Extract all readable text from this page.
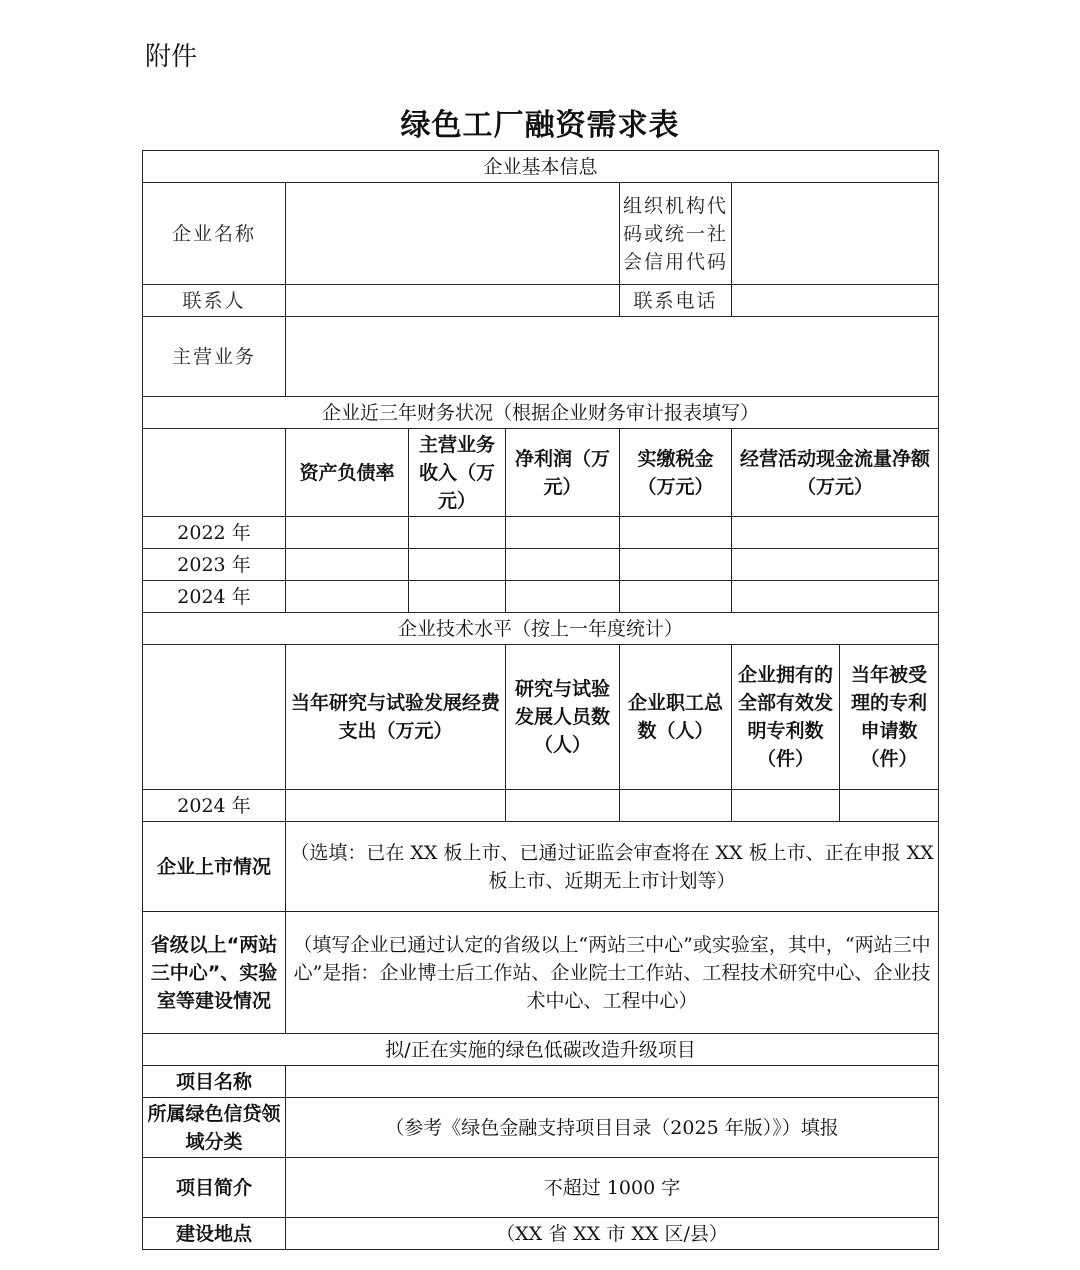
附件
绿色工厂融资需求表
企业基本信息						
企业名称				组织机构代码或统一社会信用代码		
联系人				联系电话		
主营业务						
企业近三年财务状况（根据企业财务审计报表填写）						
	资产负债率	主营业务收入（万元）	净利润（万元）	实缴税金（万元）	经营活动现金流量净额（万元）	
2022 年						
2023 年						
2024 年						
企业技术水平（按上一年度统计）						
	当年研究与试验发展经费支出（万元）		研究与试验发展人员数（人）	企业职工总数（人）	企业拥有的全部有效发明专利数（件）	当年被受理的专利申请数（件）
2024 年						
企业上市情况	（选填：已在 XX 板上市、已通过证监会审查将在 XX 板上市、正在申报 XX 板上市、近期无上市计划等）					
省级以上“两站三中心”、实验室等建设情况	（填写企业已通过认定的省级以上“两站三中心”或实验室，其中，“两站三中心”是指：企业博士后工作站、企业院士工作站、工程技术研究中心、企业技术中心、工程中心）					
拟/正在实施的绿色低碳改造升级项目						
项目名称						
所属绿色信贷领域分类	（参考《绿色金融支持项目目录（2025 年版）》）填报					
项目简介	不超过 1000 字					
建设地点	（XX 省 XX 市 XX 区/县）					
